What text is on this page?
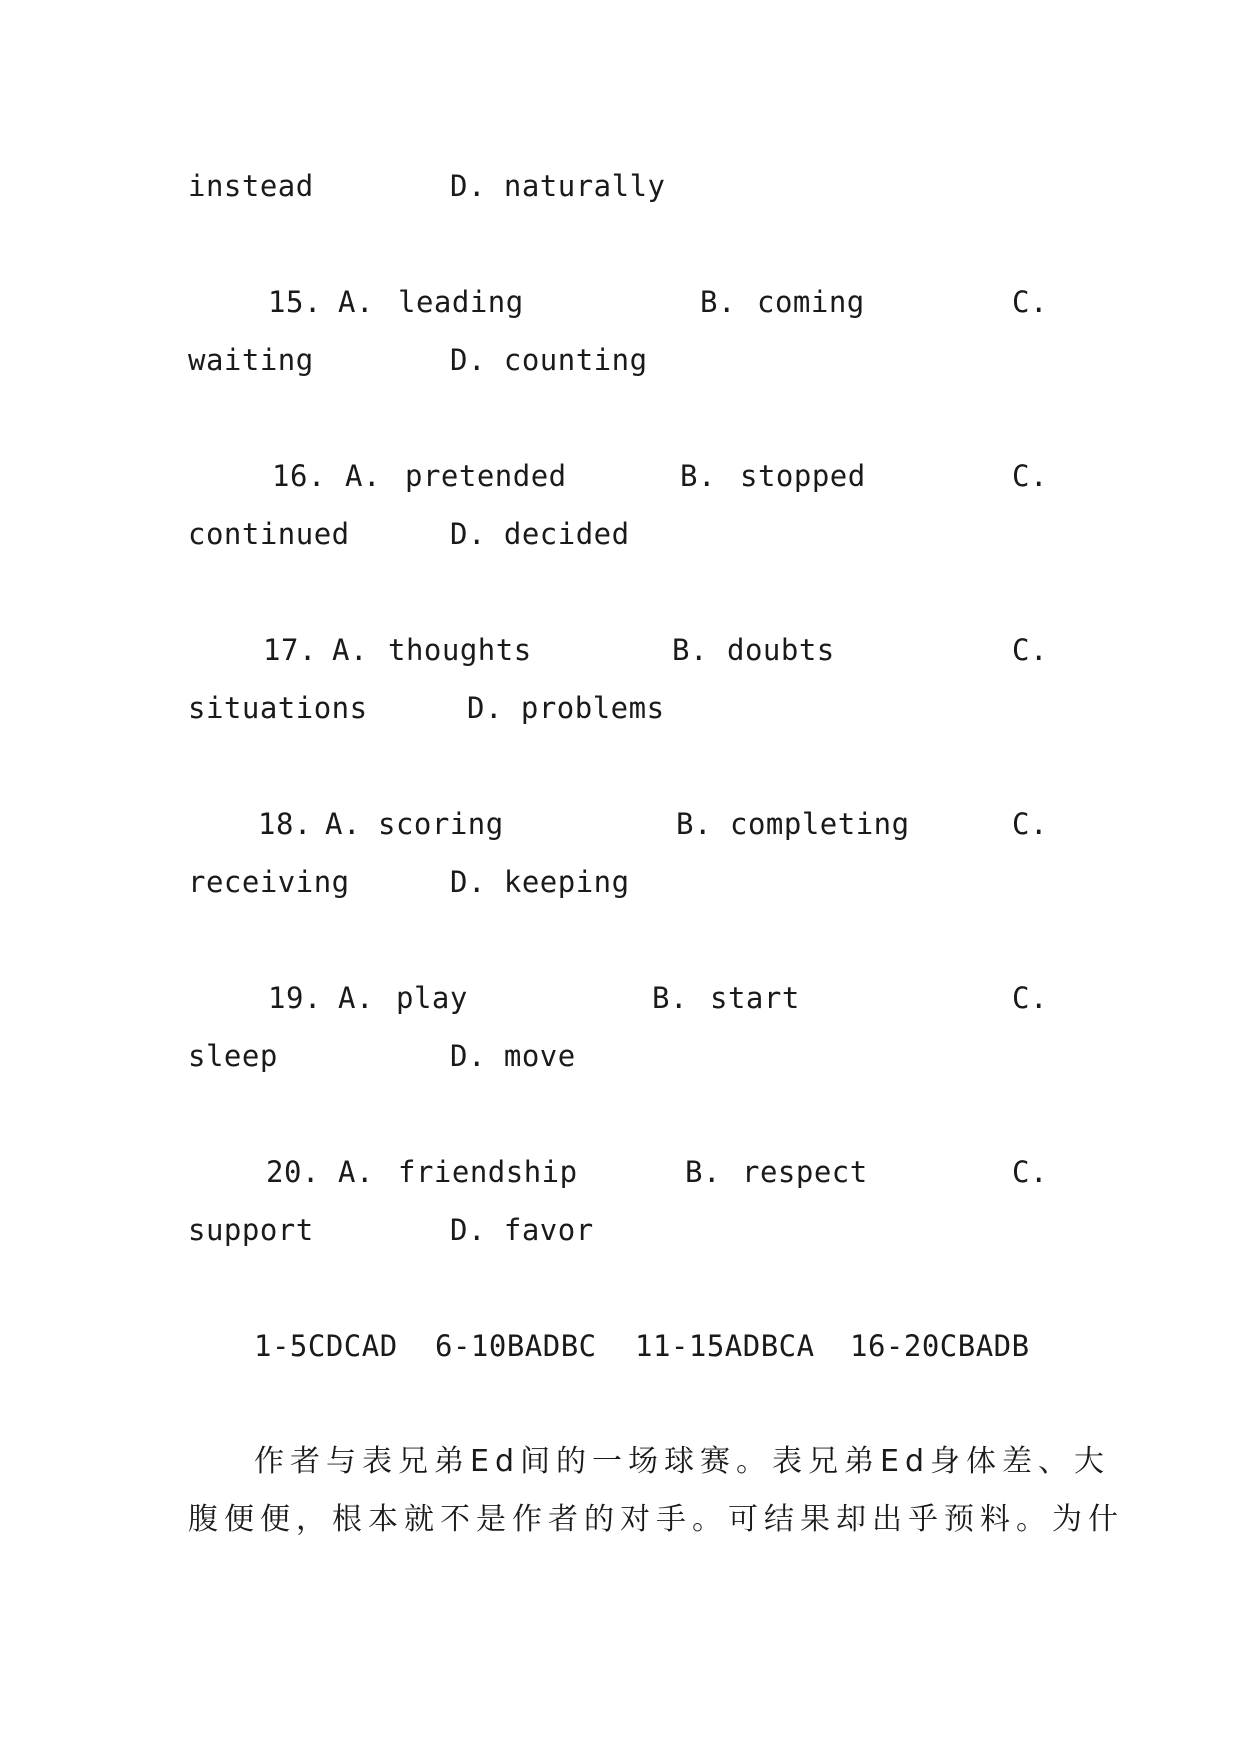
instead	D. naturally
15. A. leading	B. coming	C.
waiting	D. counting
16. A. pretended	B. stopped	C.
continued	D. decided
17. A. thoughts	B. doubts	C.
situations	D. problems
18. A. scoring	B. completing	C.
receiving	D. keeping
19. A. play	B. start	C.
sleep	D. move
20. A. friendship	B. respect	C.
support	D. favor
1-5CDCAD 6-10BADBC 11-15ADBCA 16-20CBADB
作者与表兄弟Ed间的一场球赛。表兄弟Ed身体差、大
腹便便，根本就不是作者的对手。可结果却出乎预料。为什
